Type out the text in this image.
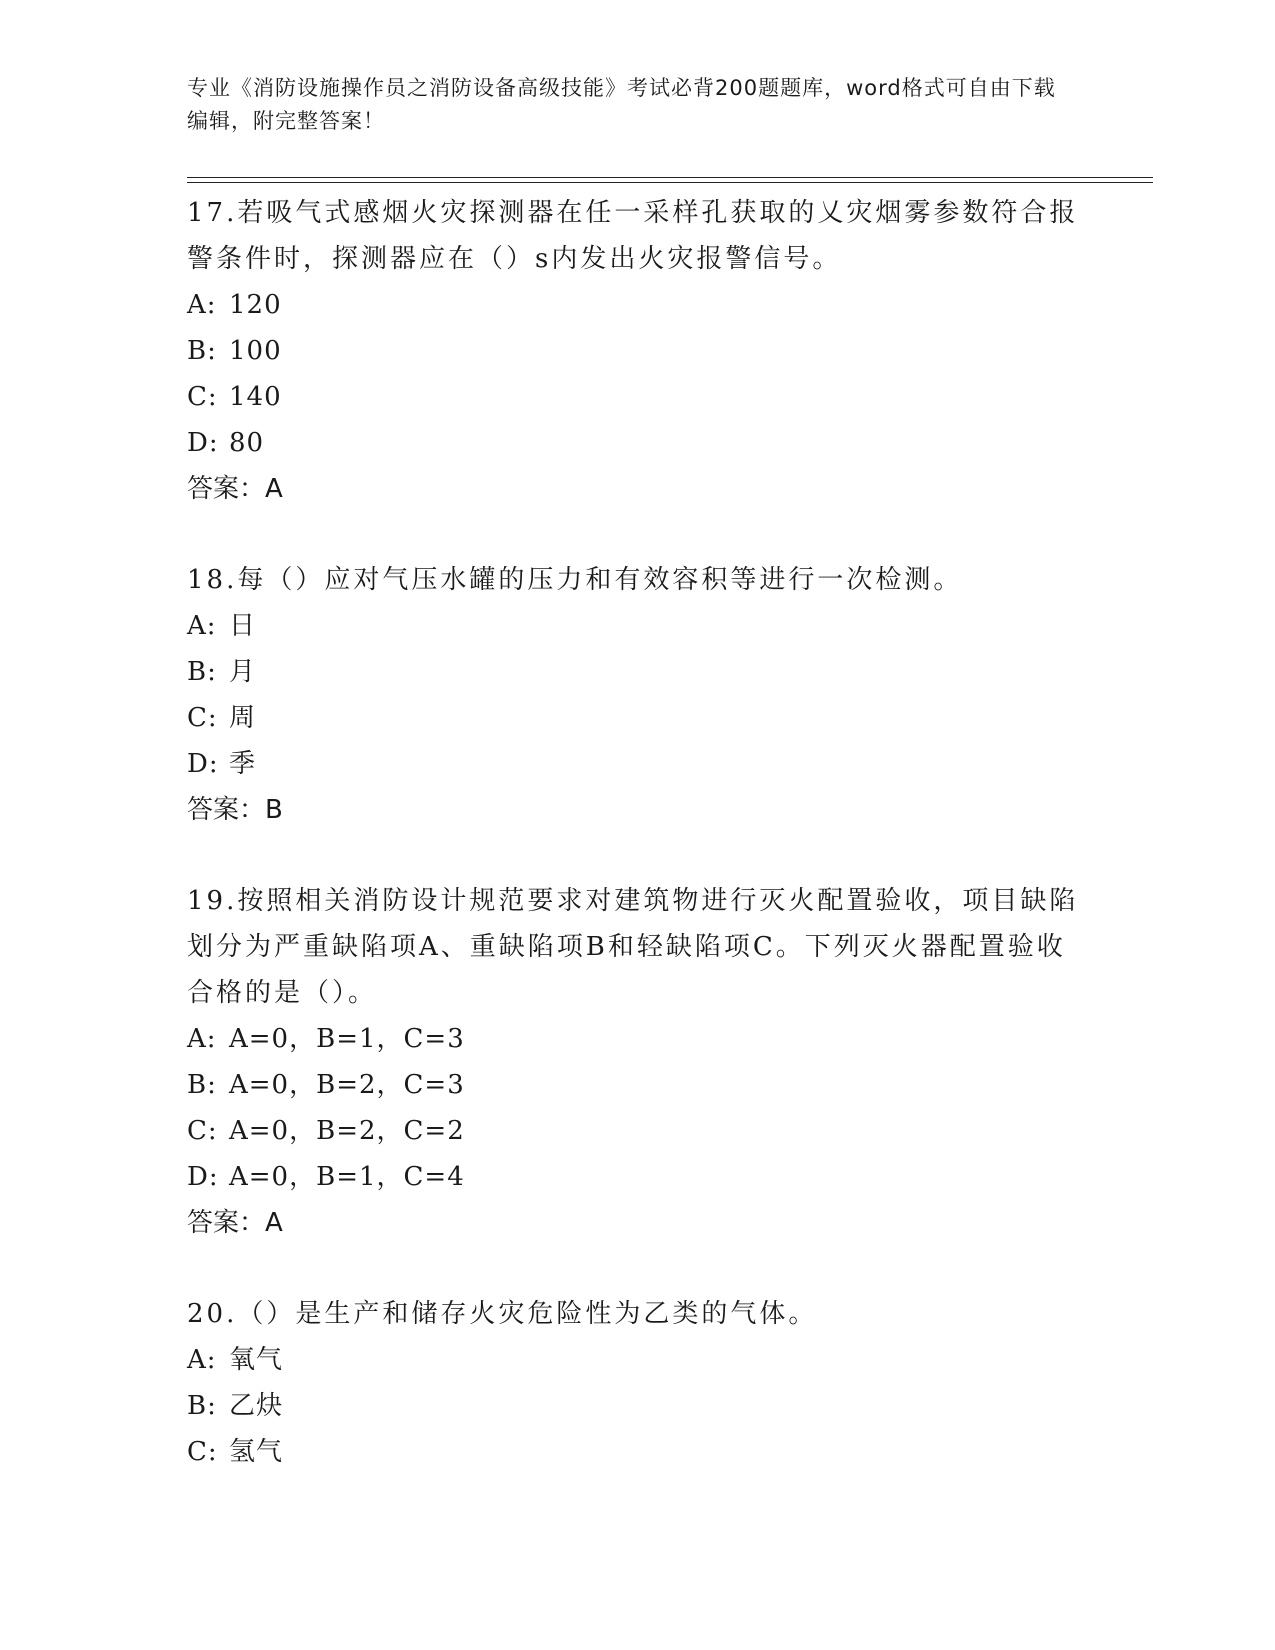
专业《消防设施操作员之消防设备高级技能》考试必背200题题库，word格式可自由下载编辑，附完整答案！

17.若吸气式感烟火灾探测器在任一采样孔获取的乂灾烟雾参数符合报警条件时，探测器应在（）s内发出火灾报警信号。

A: 120

B: 100

C: 140

D: 80

答案：A

18.每（）应对气压水罐的压力和有效容积等进行一次检测。

A: 日

B: 月

C: 周

D: 季

答案：B

19.按照相关消防设计规范要求对建筑物进行灭火配置验收，项目缺陷划分为严重缺陷项A、重缺陷项B和轻缺陷项C。下列灭火器配置验收合格的是（）。

A: A=0，B=1，C=3

B: A=0，B=2，C=3

C: A=0，B=2，C=2

D: A=0，B=1，C=4

答案：A

20.（）是生产和储存火灾危险性为乙类的气体。

A: 氧气

B: 乙炔

C: 氢气
